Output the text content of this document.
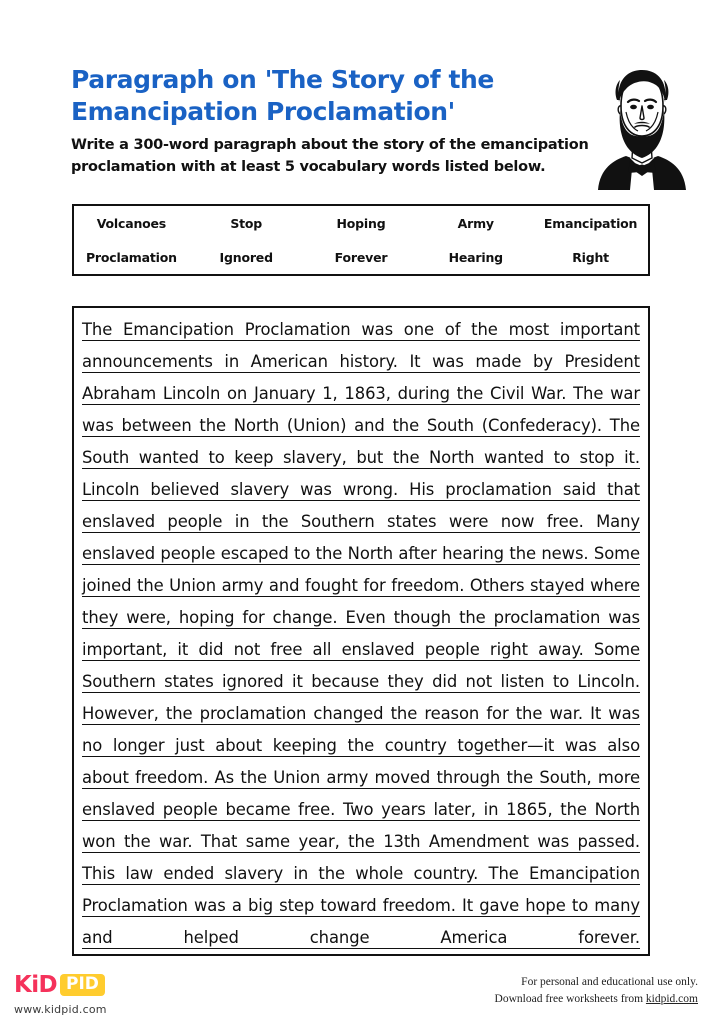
Paragraph on 'The Story of the Emancipation Proclamation'

Write a 300-word paragraph about the story of the emancipation proclamation with at least 5 vocabulary words listed below.

Volcanoes	Stop	Hoping	Army	Emancipation
Proclamation	Ignored	Forever	Hearing	Right

The Emancipation Proclamation was one of the most important announcements in American history. It was made by President Abraham Lincoln on January 1, 1863, during the Civil War. The war was between the North (Union) and the South (Confederacy). The South wanted to keep slavery, but the North wanted to stop it. Lincoln believed slavery was wrong. His proclamation said that enslaved people in the Southern states were now free. Many enslaved people escaped to the North after hearing the news. Some joined the Union army and fought for freedom. Others stayed where they were, hoping for change. Even though the proclamation was important, it did not free all enslaved people right away. Some Southern states ignored it because they did not listen to Lincoln. However, the proclamation changed the reason for the war. It was no longer just about keeping the country together—it was also about freedom. As the Union army moved through the South, more enslaved people became free. Two years later, in 1865, the North won the war. That same year, the 13th Amendment was passed. This law ended slavery in the whole country. The Emancipation Proclamation was a big step toward freedom. It gave hope to many and helped change America forever.

KiD PID
www.kidpid.com
For personal and educational use only.
Download free worksheets from kidpid.com
